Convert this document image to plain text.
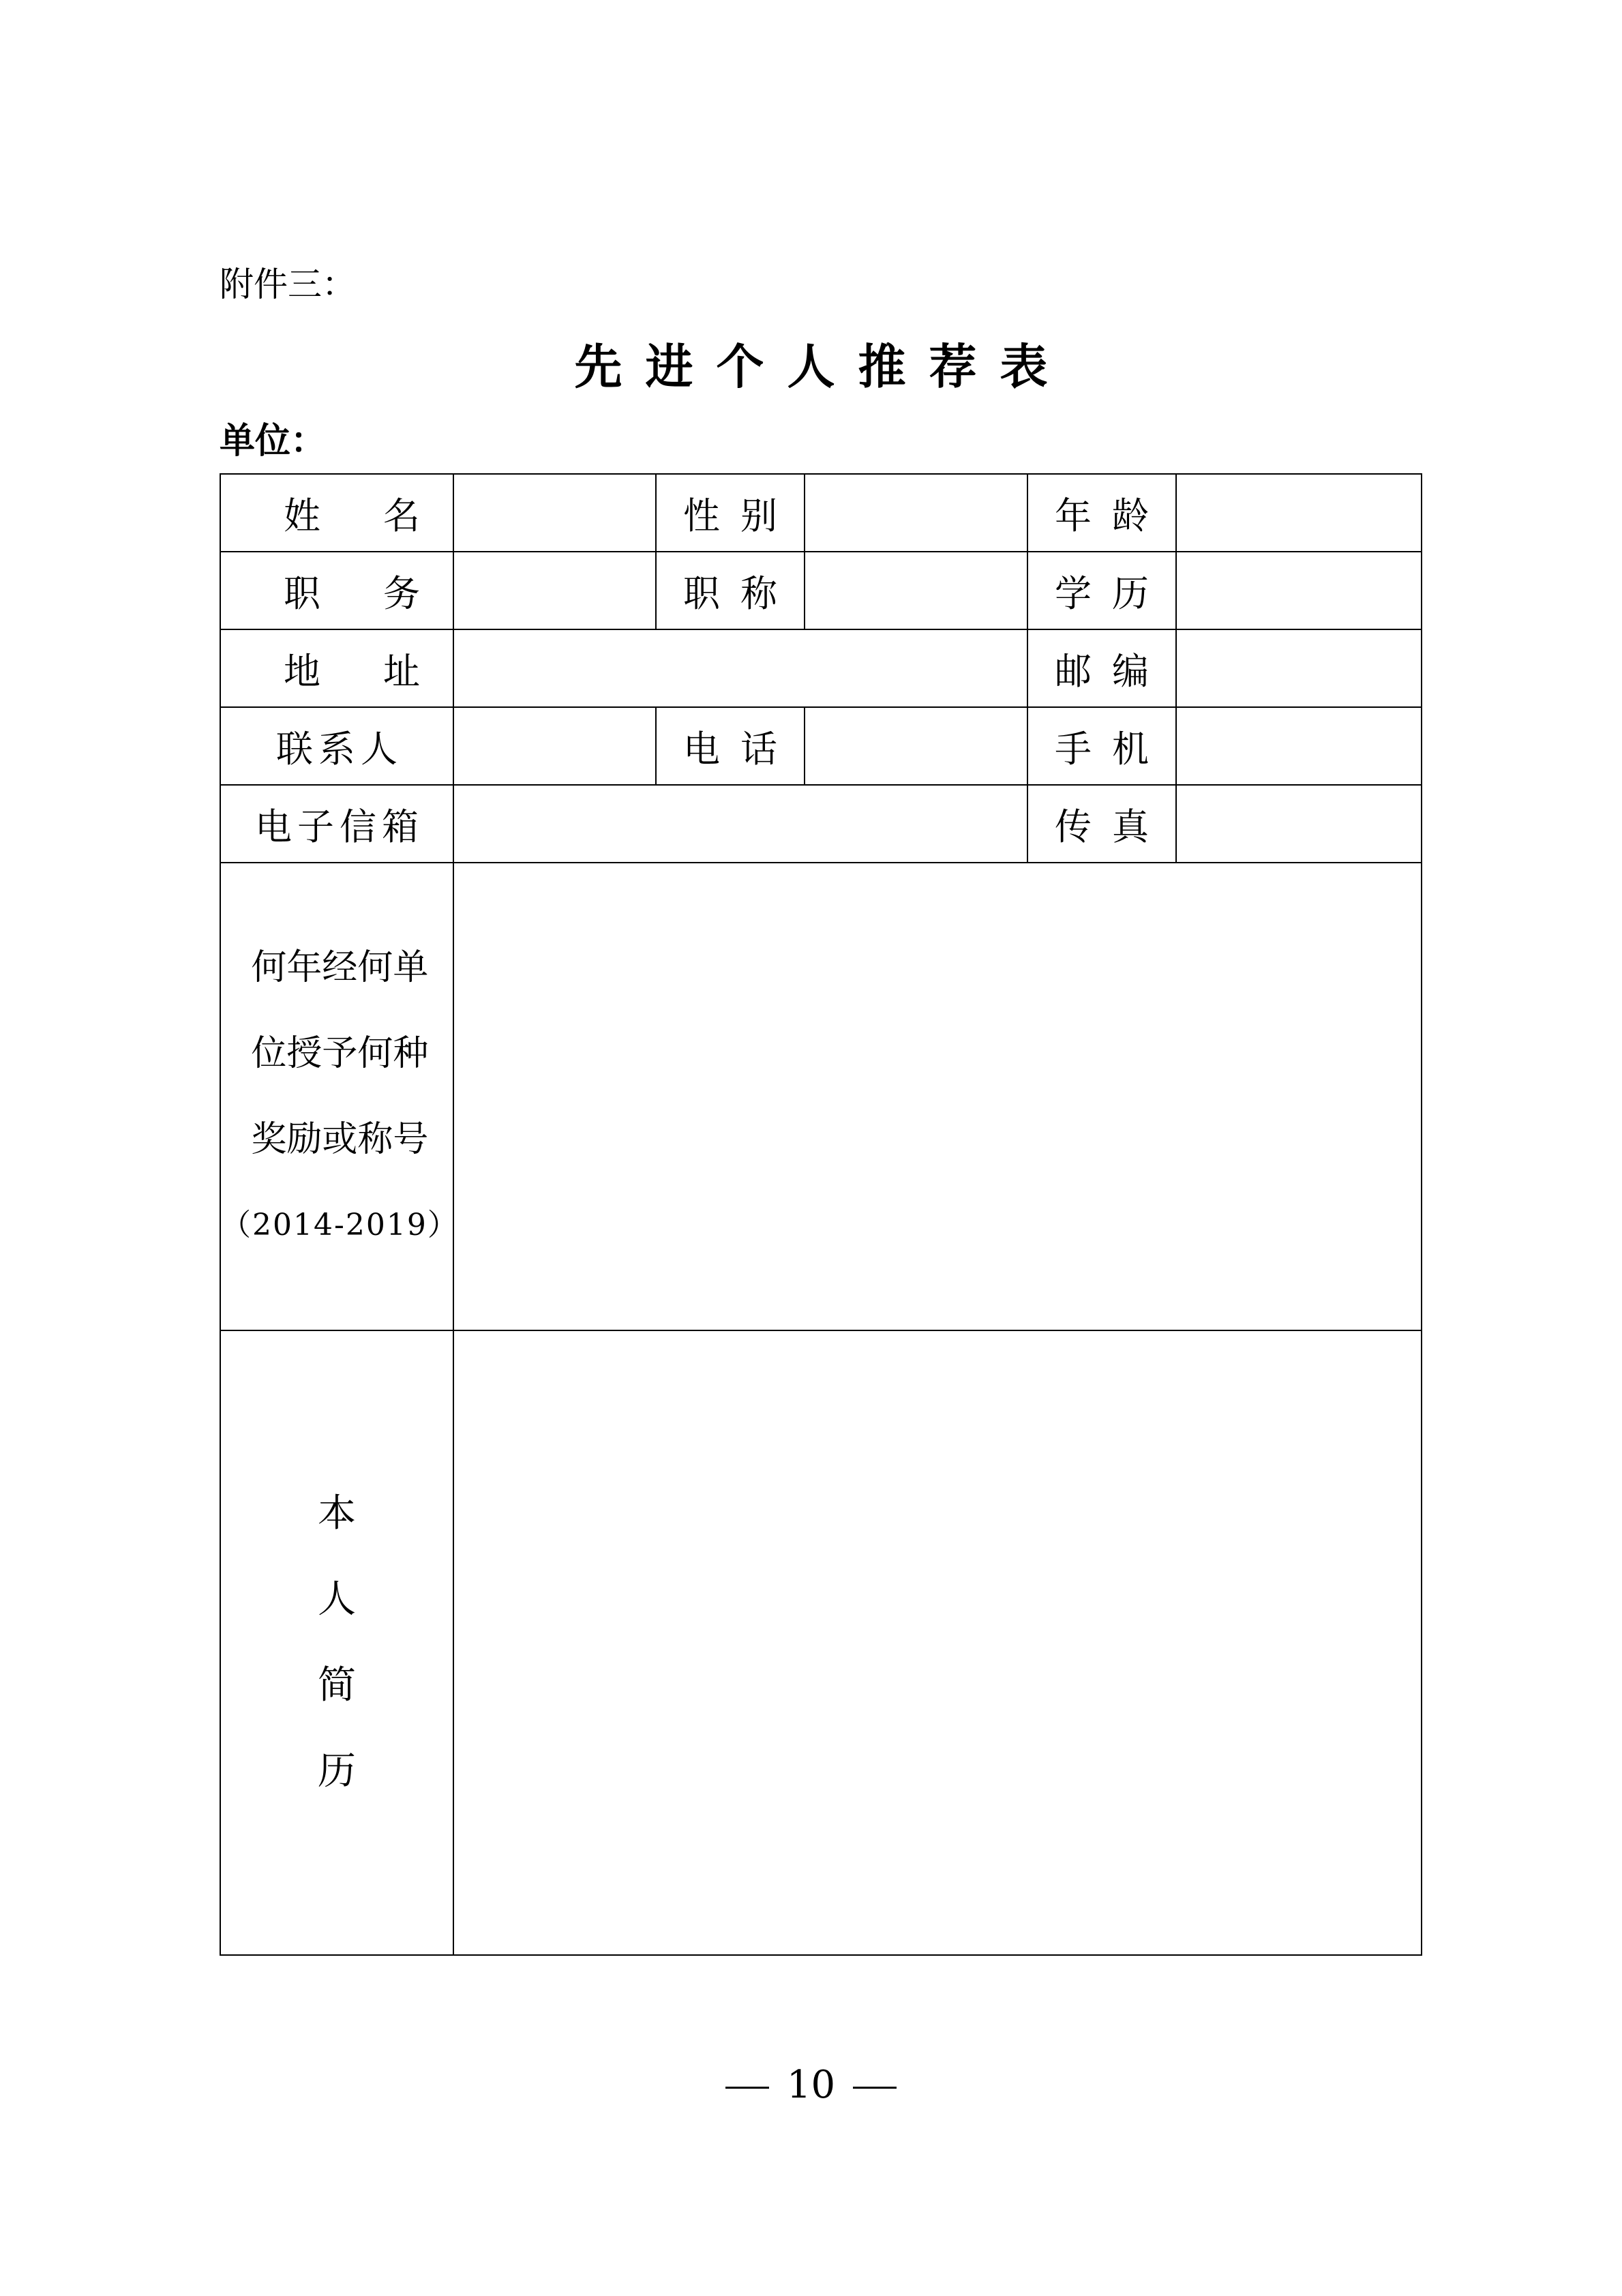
附件三：
先进个人推荐表
单位：
姓名		性别		年龄	
职务		职称		学历	
地址				邮编	
联系人		电话		手机	
电子信箱				传真	

何年经何单
位授予何种
奖励或称号
（2014-2019）					

本
人
简
历					

10
